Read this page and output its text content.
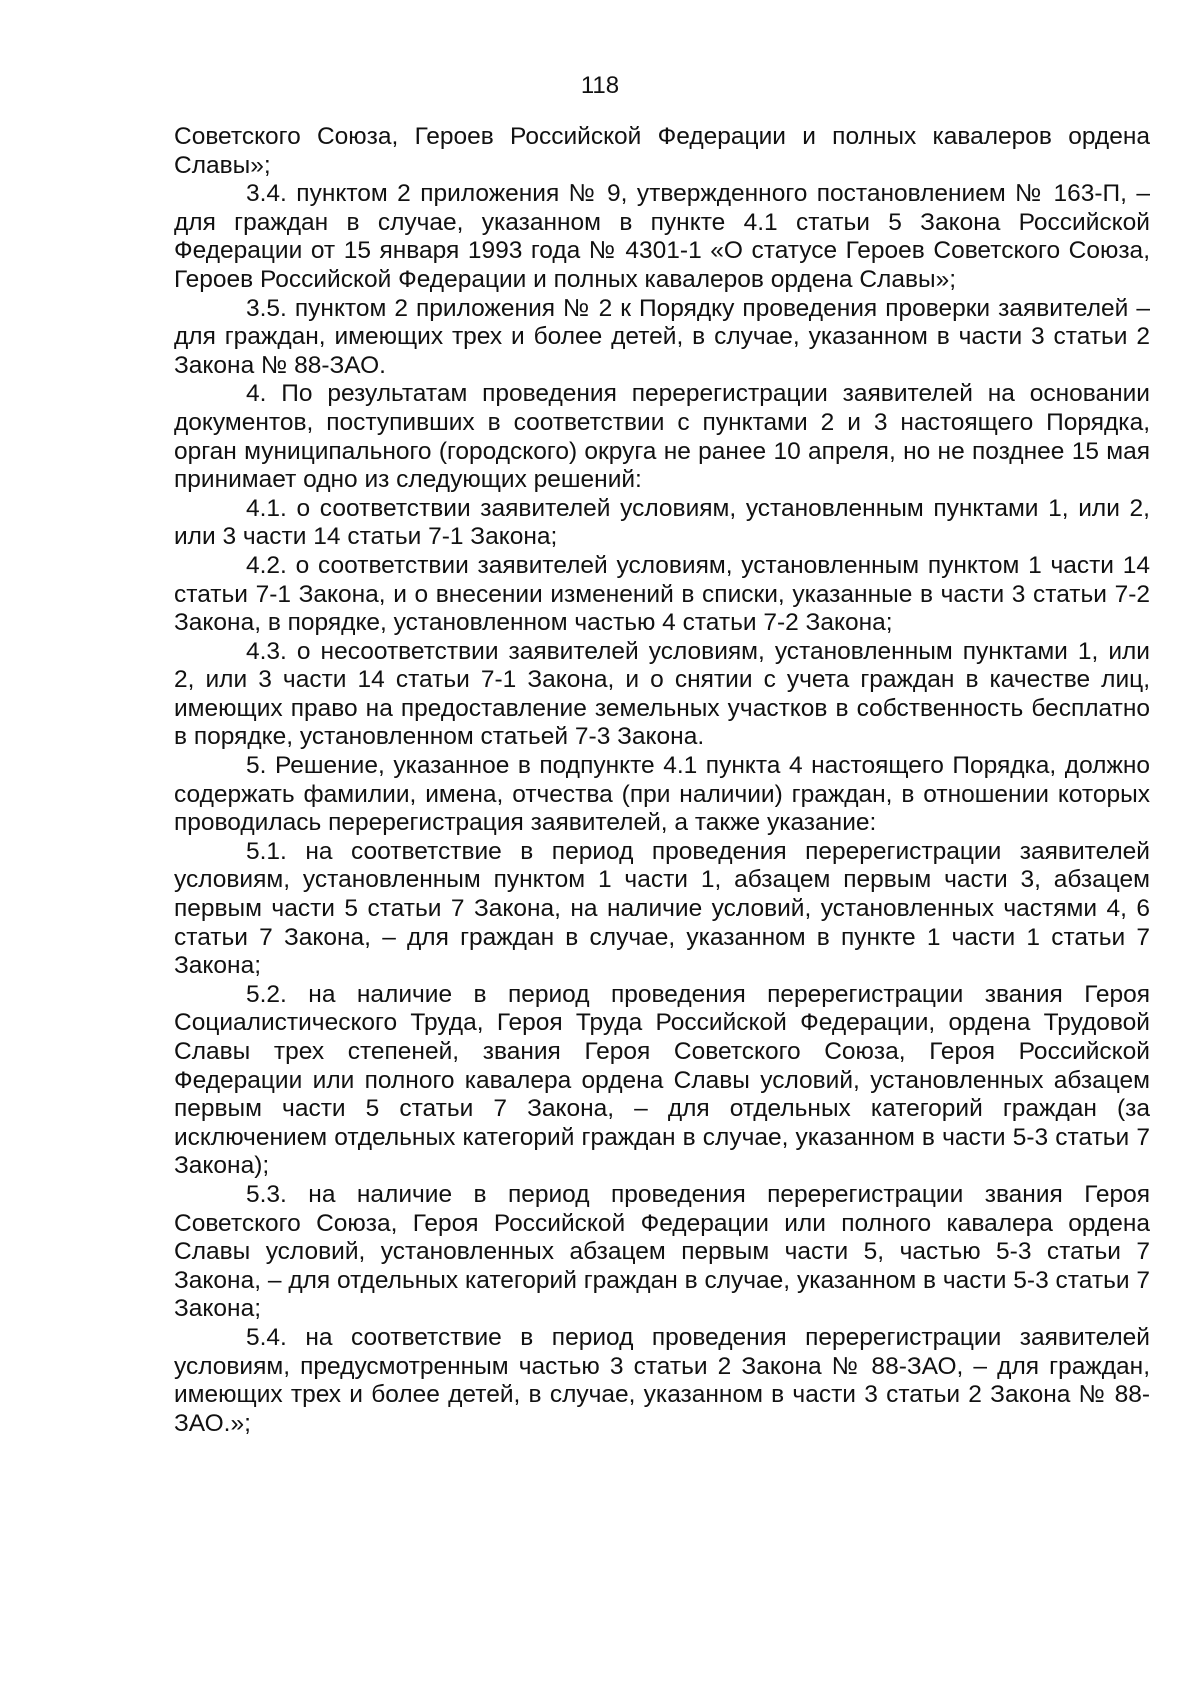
118

Советского Союза, Героев Российской Федерации и полных кавалеров ордена Славы»;

3.4. пунктом 2 приложения № 9, утвержденного постановлением № 163-П, – для граждан в случае, указанном в пункте 4.1 статьи 5 Закона Российской Федерации от 15 января 1993 года № 4301-1 «О статусе Героев Советского Союза, Героев Российской Федерации и полных кавалеров ордена Славы»;

3.5. пунктом 2 приложения № 2 к Порядку проведения проверки заявителей – для граждан, имеющих трех и более детей, в случае, указанном в части 3 статьи 2 Закона № 88-ЗАО.

4. По результатам проведения перерегистрации заявителей на основании документов, поступивших в соответствии с пунктами 2 и 3 настоящего Порядка, орган муниципального (городского) округа не ранее 10 апреля, но не позднее 15 мая принимает одно из следующих решений:

4.1. о соответствии заявителей условиям, установленным пунктами 1, или 2, или 3 части 14 статьи 7-1 Закона;

4.2. о соответствии заявителей условиям, установленным пунктом 1 части 14 статьи 7-1 Закона, и о внесении изменений в списки, указанные в части 3 статьи 7-2 Закона, в порядке, установленном частью 4 статьи 7-2 Закона;

4.3. о несоответствии заявителей условиям, установленным пунктами 1, или 2, или 3 части 14 статьи 7-1 Закона, и о снятии с учета граждан в качестве лиц, имеющих право на предоставление земельных участков в собственность бесплатно в порядке, установленном статьей 7-3 Закона.

5. Решение, указанное в подпункте 4.1 пункта 4 настоящего Порядка, должно содержать фамилии, имена, отчества (при наличии) граждан, в отношении которых проводилась перерегистрация заявителей, а также указание:

5.1. на соответствие в период проведения перерегистрации заявителей условиям, установленным пунктом 1 части 1, абзацем первым части 3, абзацем первым части 5 статьи 7 Закона, на наличие условий, установленных частями 4, 6 статьи 7 Закона, – для граждан в случае, указанном в пункте 1 части 1 статьи 7 Закона;

5.2. на наличие в период проведения перерегистрации звания Героя Социалистического Труда, Героя Труда Российской Федерации, ордена Трудовой Славы трех степеней, звания Героя Советского Союза, Героя Российской Федерации или полного кавалера ордена Славы условий, установленных абзацем первым части 5 статьи 7 Закона, – для отдельных категорий граждан (за исключением отдельных категорий граждан в случае, указанном в части 5-3 статьи 7 Закона);

5.3. на наличие в период проведения перерегистрации звания Героя Советского Союза, Героя Российской Федерации или полного кавалера ордена Славы условий, установленных абзацем первым части 5, частью 5-3 статьи 7 Закона, – для отдельных категорий граждан в случае, указанном в части 5-3 статьи 7 Закона;

5.4. на соответствие в период проведения перерегистрации заявителей условиям, предусмотренным частью 3 статьи 2 Закона № 88-ЗАО, – для граждан, имеющих трех и более детей, в случае, указанном в части 3 статьи 2 Закона № 88-ЗАО.»;
